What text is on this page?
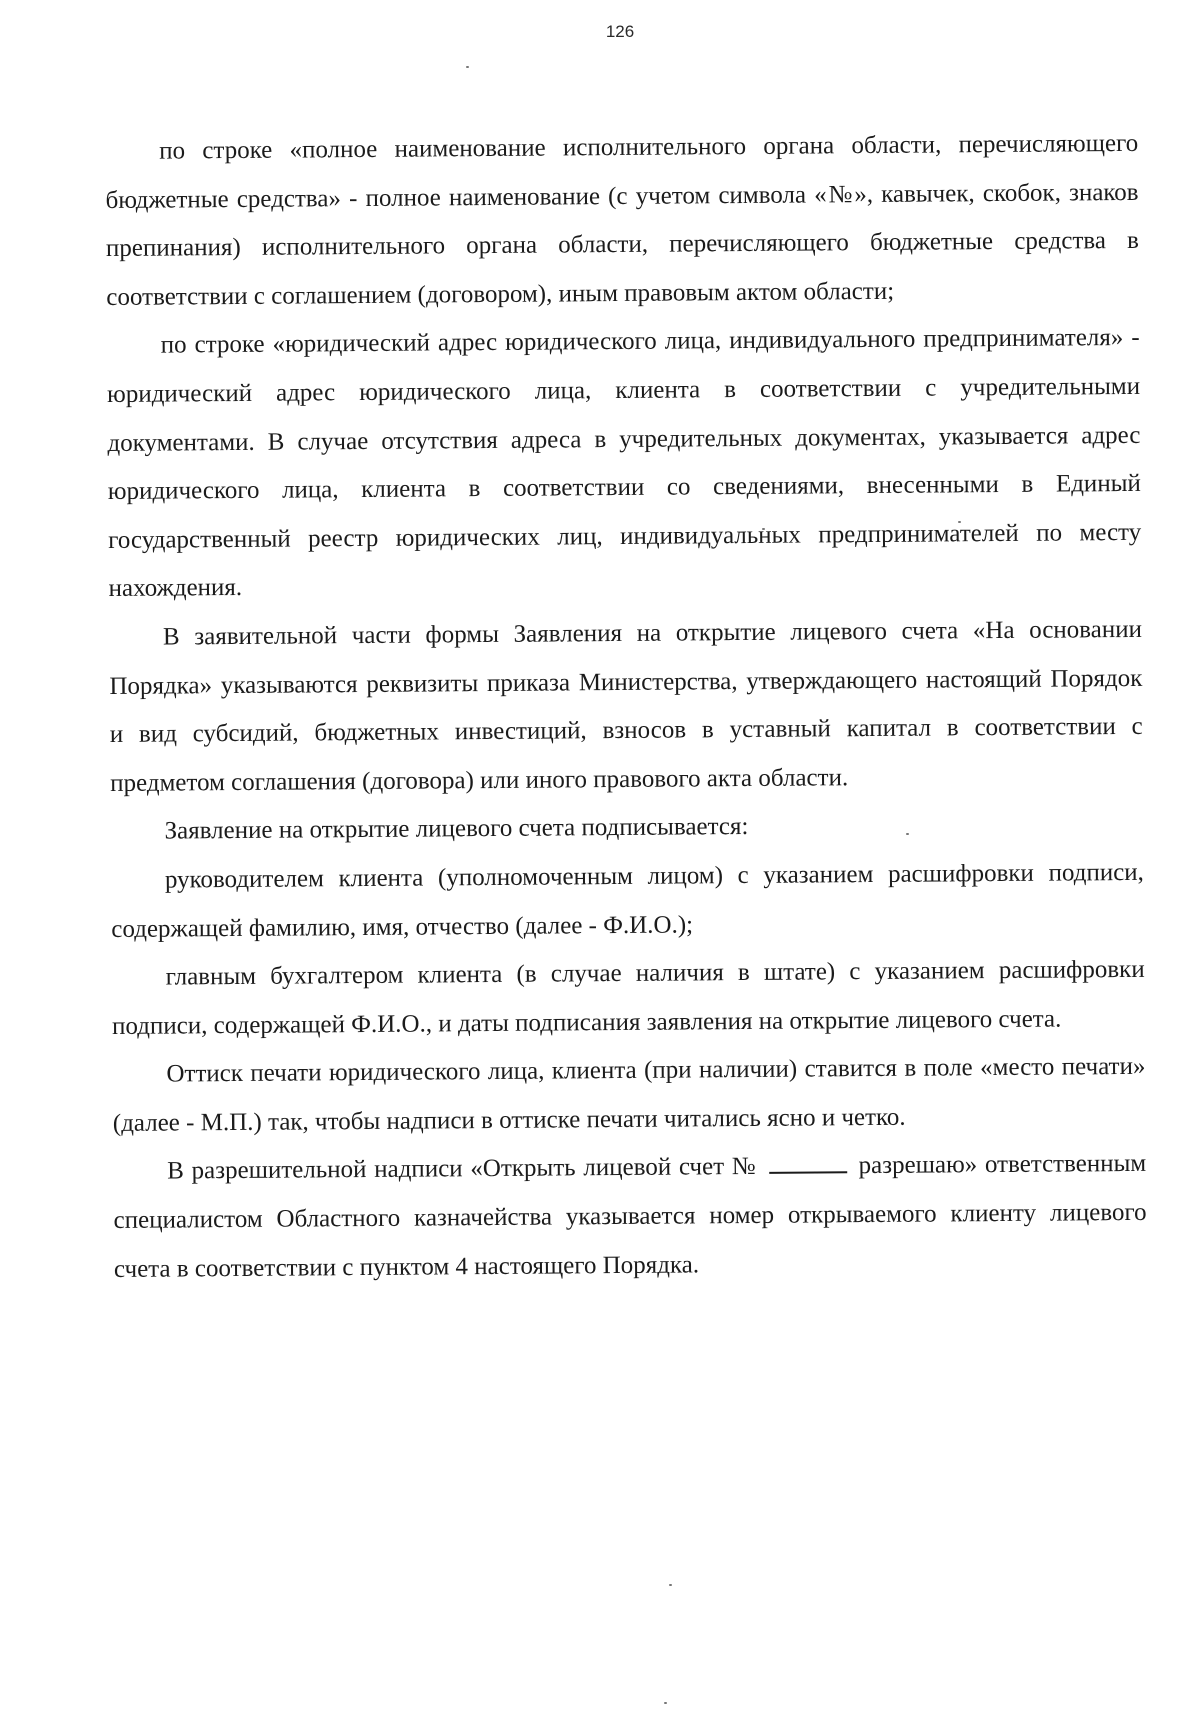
126

по строке «полное наименование исполнительного органа области, перечисляющего бюджетные средства» - полное наименование (с учетом символа «№», кавычек, скобок, знаков препинания) исполнительного органа области, перечисляющего бюджетные средства в соответствии с соглашением (договором), иным правовым актом области;

по строке «юридический адрес юридического лица, индивидуального предпринимателя» - юридический адрес юридического лица, клиента в соответствии с учредительными документами. В случае отсутствия адреса в учредительных документах, указывается адрес юридического лица, клиента в соответствии со сведениями, внесенными в Единый государственный реестр юридических лиц, индивидуальных предпринимателей по месту нахождения.

В заявительной части формы Заявления на открытие лицевого счета «На основании Порядка» указываются реквизиты приказа Министерства, утверждающего настоящий Порядок и вид субсидий, бюджетных инвестиций, взносов в уставный капитал в соответствии с предметом соглашения (договора) или иного правового акта области.

Заявление на открытие лицевого счета подписывается:

руководителем клиента (уполномоченным лицом) с указанием расшифровки подписи, содержащей фамилию, имя, отчество (далее - Ф.И.О.);

главным бухгалтером клиента (в случае наличия в штате) с указанием расшифровки подписи, содержащей Ф.И.О., и даты подписания заявления на открытие лицевого счета.

Оттиск печати юридического лица, клиента (при наличии) ставится в поле «место печати» (далее - М.П.) так, чтобы надписи в оттиске печати читались ясно и четко.

В разрешительной надписи «Открыть лицевой счет №	разрешаю» ответственным специалистом Областного казначейства указывается номер открываемого клиенту лицевого счета в соответствии с пунктом 4 настоящего Порядка.
